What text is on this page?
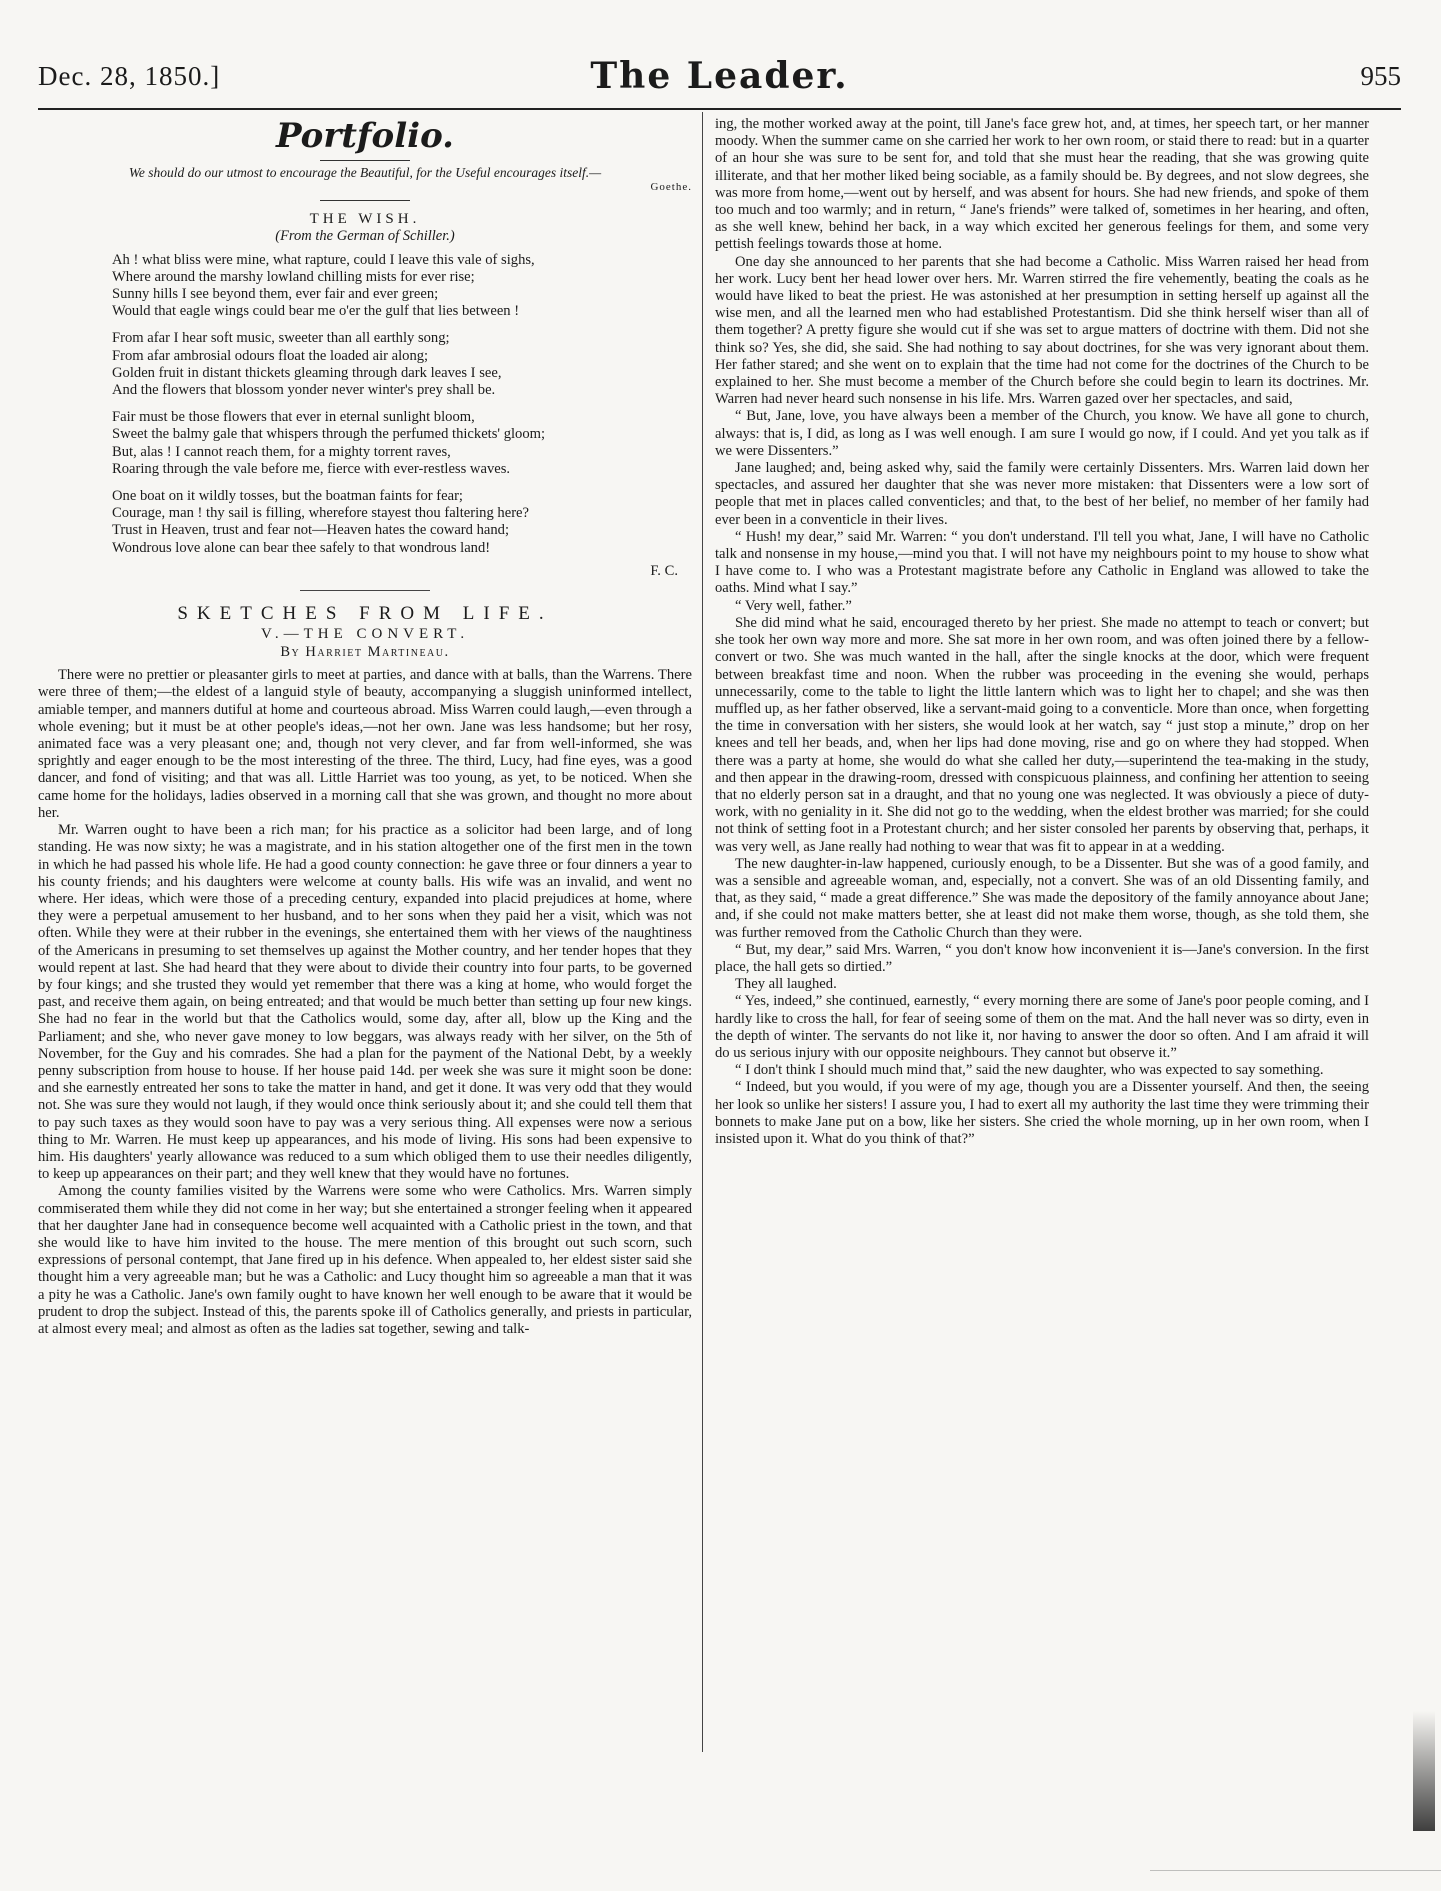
Dec. 28, 1850.]	The Leader.	955
Portfolio.
We should do our utmost to encourage the Beautiful, for the Useful encourages itself.—
Goethe.
THE WISH.
(From the German of Schiller.)
Ah ! what bliss were mine, what rapture, could I leave this vale of sighs,
Where around the marshy lowland chilling mists for ever rise;
Sunny hills I see beyond them, ever fair and ever green;
Would that eagle wings could bear me o'er the gulf that lies between !
From afar I hear soft music, sweeter than all earthly song;
From afar ambrosial odours float the loaded air along;
Golden fruit in distant thickets gleaming through dark leaves I see,
And the flowers that blossom yonder never winter's prey shall be.
Fair must be those flowers that ever in eternal sunlight bloom,
Sweet the balmy gale that whispers through the perfumed thickets' gloom;
But, alas ! I cannot reach them, for a mighty torrent raves,
Roaring through the vale before me, fierce with ever-restless waves.
One boat on it wildly tosses, but the boatman faints for fear;
Courage, man ! thy sail is filling, wherefore stayest thou faltering here?
Trust in Heaven, trust and fear not—Heaven hates the coward hand;
Wondrous love alone can bear thee safely to that wondrous land!
F. C.
SKETCHES FROM LIFE.
V.—THE CONVERT.
By Harriet Martineau.

There were no prettier or pleasanter girls to meet at parties, and dance with at balls, than the Warrens. There were three of them;—the eldest of a languid style of beauty, accompanying a sluggish uninformed intellect, amiable temper, and manners dutiful at home and courteous abroad. Miss Warren could laugh,—even through a whole evening; but it must be at other people's ideas,—not her own. Jane was less handsome; but her rosy, animated face was a very pleasant one; and, though not very clever, and far from well-informed, she was sprightly and eager enough to be the most interesting of the three. The third, Lucy, had fine eyes, was a good dancer, and fond of visiting; and that was all. Little Harriet was too young, as yet, to be noticed. When she came home for the holidays, ladies observed in a morning call that she was grown, and thought no more about her.

Mr. Warren ought to have been a rich man; for his practice as a solicitor had been large, and of long standing. He was now sixty; he was a magistrate, and in his station altogether one of the first men in the town in which he had passed his whole life. He had a good county connection: he gave three or four dinners a year to his county friends; and his daughters were welcome at county balls. His wife was an invalid, and went no where. Her ideas, which were those of a preceding century, expanded into placid prejudices at home, where they were a perpetual amusement to her husband, and to her sons when they paid her a visit, which was not often. While they were at their rubber in the evenings, she entertained them with her views of the naughtiness of the Americans in presuming to set themselves up against the Mother country, and her tender hopes that they would repent at last. She had heard that they were about to divide their country into four parts, to be governed by four kings; and she trusted they would yet remember that there was a king at home, who would forget the past, and receive them again, on being entreated; and that would be much better than setting up four new kings. She had no fear in the world but that the Catholics would, some day, after all, blow up the King and the Parliament; and she, who never gave money to low beggars, was always ready with her silver, on the 5th of November, for the Guy and his comrades. She had a plan for the payment of the National Debt, by a weekly penny subscription from house to house. If her house paid 14d. per week she was sure it might soon be done: and she earnestly entreated her sons to take the matter in hand, and get it done. It was very odd that they would not. She was sure they would not laugh, if they would once think seriously about it; and she could tell them that to pay such taxes as they would soon have to pay was a very serious thing. All expenses were now a serious thing to Mr. Warren. He must keep up appearances, and his mode of living. His sons had been expensive to him. His daughters' yearly allowance was reduced to a sum which obliged them to use their needles diligently, to keep up appearances on their part; and they well knew that they would have no fortunes.

Among the county families visited by the Warrens were some who were Catholics. Mrs. Warren simply commiserated them while they did not come in her way; but she entertained a stronger feeling when it appeared that her daughter Jane had in consequence become well acquainted with a Catholic priest in the town, and that she would like to have him invited to the house. The mere mention of this brought out such scorn, such expressions of personal contempt, that Jane fired up in his defence. When appealed to, her eldest sister said she thought him a very agreeable man; but he was a Catholic: and Lucy thought him so agreeable a man that it was a pity he was a Catholic. Jane's own family ought to have known her well enough to be aware that it would be prudent to drop the subject. Instead of this, the parents spoke ill of Catholics generally, and priests in particular, at almost every meal; and almost as often as the ladies sat together, sewing and talk-

ing, the mother worked away at the point, till Jane's face grew hot, and, at times, her speech tart, or her manner moody. When the summer came on she carried her work to her own room, or staid there to read: but in a quarter of an hour she was sure to be sent for, and told that she must hear the reading, that she was growing quite illiterate, and that her mother liked being sociable, as a family should be. By degrees, and not slow degrees, she was more from home,—went out by herself, and was absent for hours. She had new friends, and spoke of them too much and too warmly; and in return, “ Jane's friends” were talked of, sometimes in her hearing, and often, as she well knew, behind her back, in a way which excited her generous feelings for them, and some very pettish feelings towards those at home.

One day she announced to her parents that she had become a Catholic. Miss Warren raised her head from her work. Lucy bent her head lower over hers. Mr. Warren stirred the fire vehemently, beating the coals as he would have liked to beat the priest. He was astonished at her presumption in setting herself up against all the wise men, and all the learned men who had established Protestantism. Did she think herself wiser than all of them together? A pretty figure she would cut if she was set to argue matters of doctrine with them. Did not she think so? Yes, she did, she said. She had nothing to say about doctrines, for she was very ignorant about them. Her father stared; and she went on to explain that the time had not come for the doctrines of the Church to be explained to her. She must become a member of the Church before she could begin to learn its doctrines. Mr. Warren had never heard such nonsense in his life. Mrs. Warren gazed over her spectacles, and said,

“ But, Jane, love, you have always been a member of the Church, you know. We have all gone to church, always: that is, I did, as long as I was well enough. I am sure I would go now, if I could. And yet you talk as if we were Dissenters.”

Jane laughed; and, being asked why, said the family were certainly Dissenters. Mrs. Warren laid down her spectacles, and assured her daughter that she was never more mistaken: that Dissenters were a low sort of people that met in places called conventicles; and that, to the best of her belief, no member of her family had ever been in a conventicle in their lives.

“ Hush! my dear,” said Mr. Warren: “ you don't understand. I'll tell you what, Jane, I will have no Catholic talk and nonsense in my house,—mind you that. I will not have my neighbours point to my house to show what I have come to. I who was a Protestant magistrate before any Catholic in England was allowed to take the oaths. Mind what I say.”

“ Very well, father.”

She did mind what he said, encouraged thereto by her priest. She made no attempt to teach or convert; but she took her own way more and more. She sat more in her own room, and was often joined there by a fellow-convert or two. She was much wanted in the hall, after the single knocks at the door, which were frequent between breakfast time and noon. When the rubber was proceeding in the evening she would, perhaps unnecessarily, come to the table to light the little lantern which was to light her to chapel; and she was then muffled up, as her father observed, like a servant-maid going to a conventicle. More than once, when forgetting the time in conversation with her sisters, she would look at her watch, say “ just stop a minute,” drop on her knees and tell her beads, and, when her lips had done moving, rise and go on where they had stopped. When there was a party at home, she would do what she called her duty,—superintend the tea-making in the study, and then appear in the drawing-room, dressed with conspicuous plainness, and confining her attention to seeing that no elderly person sat in a draught, and that no young one was neglected. It was obviously a piece of duty-work, with no geniality in it. She did not go to the wedding, when the eldest brother was married; for she could not think of setting foot in a Protestant church; and her sister consoled her parents by observing that, perhaps, it was very well, as Jane really had nothing to wear that was fit to appear in at a wedding.

The new daughter-in-law happened, curiously enough, to be a Dissenter. But she was of a good family, and was a sensible and agreeable woman, and, especially, not a convert. She was of an old Dissenting family, and that, as they said, “ made a great difference.” She was made the depository of the family annoyance about Jane; and, if she could not make matters better, she at least did not make them worse, though, as she told them, she was further removed from the Catholic Church than they were.

“ But, my dear,” said Mrs. Warren, “ you don't know how inconvenient it is—Jane's conversion. In the first place, the hall gets so dirtied.”

They all laughed.

“ Yes, indeed,” she continued, earnestly, “ every morning there are some of Jane's poor people coming, and I hardly like to cross the hall, for fear of seeing some of them on the mat. And the hall never was so dirty, even in the depth of winter. The servants do not like it, nor having to answer the door so often. And I am afraid it will do us serious injury with our opposite neighbours. They cannot but observe it.”

“ I don't think I should much mind that,” said the new daughter, who was expected to say something.

“ Indeed, but you would, if you were of my age, though you are a Dissenter yourself. And then, the seeing her look so unlike her sisters! I assure you, I had to exert all my authority the last time they were trimming their bonnets to make Jane put on a bow, like her sisters. She cried the whole morning, up in her own room, when I insisted upon it. What do you think of that?”
